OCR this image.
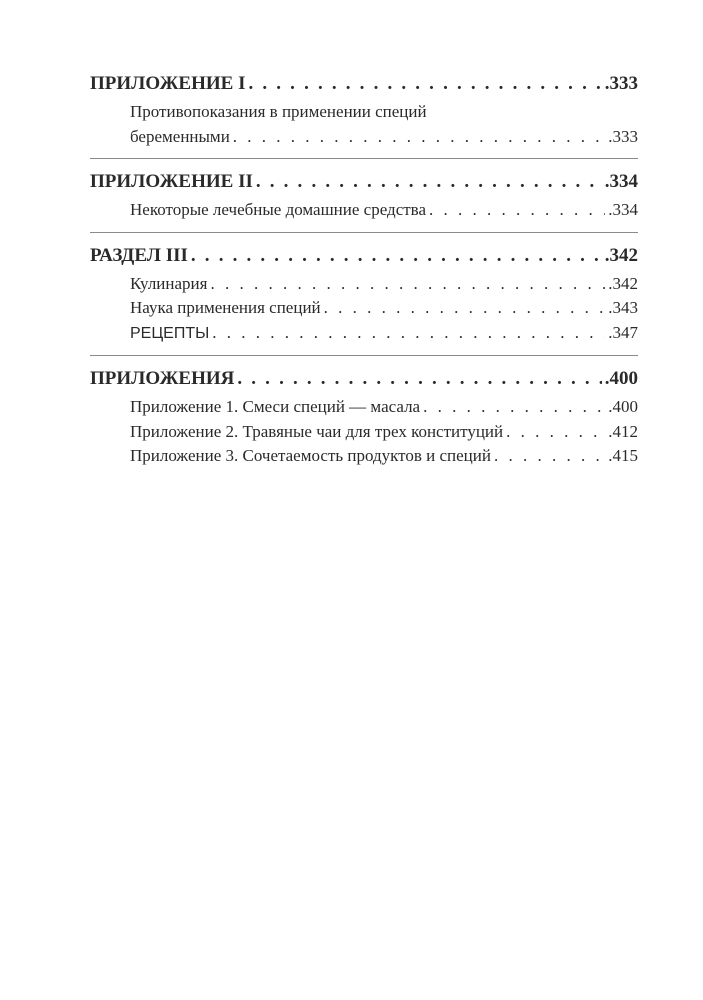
ПРИЛОЖЕНИЕ I . . .	.333
Противопоказания в применении специй
беременными . . .	.333
ПРИЛОЖЕНИЕ II . . .	.334
Некоторые лечебные домашние средства . . .	.334
РАЗДЕЛ III . . .	.342
Кулинария . . .	.342
Наука применения специй . . .	.343
РЕЦЕПТЫ . . .	.347
ПРИЛОЖЕНИЯ . . .	.400
Приложение 1. Смеси специй — масала . . .	.400
Приложение 2. Травяные чаи для трех конституций . . .	.412
Приложение 3. Сочетаемость продуктов и специй . . .	.415
